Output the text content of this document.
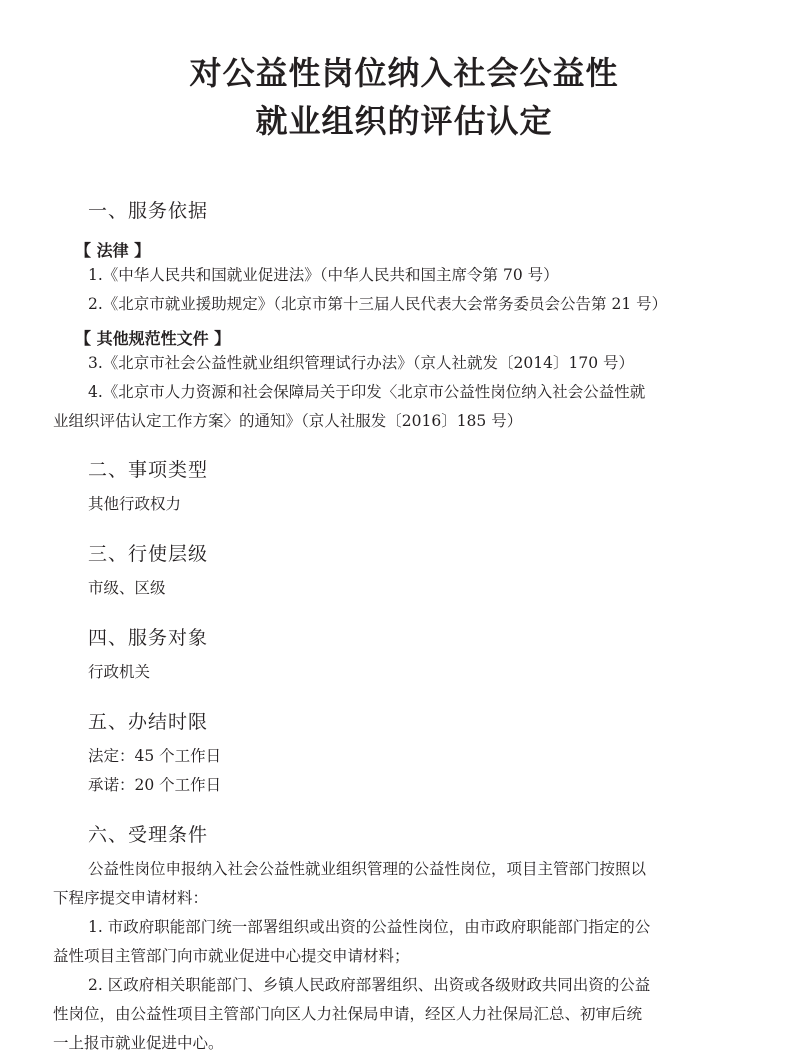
对公益性岗位纳入社会公益性
就业组织的评估认定
一、服务依据
【 法律 】
1.《中华人民共和国就业促进法》（中华人民共和国主席令第 70 号）
2.《北京市就业援助规定》（北京市第十三届人民代表大会常务委员会公告第 21 号）
【 其他规范性文件 】
3.《北京市社会公益性就业组织管理试行办法》（京人社就发〔2014〕170 号）
4.《北京市人力资源和社会保障局关于印发〈北京市公益性岗位纳入社会公益性就
业组织评估认定工作方案〉的通知》（京人社服发〔2016〕185 号）
二、事项类型
其他行政权力
三、行使层级
市级、区级
四、服务对象
行政机关
五、办结时限
法定：45 个工作日
承诺：20 个工作日
六、受理条件
公益性岗位申报纳入社会公益性就业组织管理的公益性岗位，项目主管部门按照以
下程序提交申请材料：
1. 市政府职能部门统一部署组织或出资的公益性岗位，由市政府职能部门指定的公
益性项目主管部门向市就业促进中心提交申请材料；
2. 区政府相关职能部门、乡镇人民政府部署组织、出资或各级财政共同出资的公益
性岗位，由公益性项目主管部门向区人力社保局申请，经区人力社保局汇总、初审后统
一上报市就业促进中心。
